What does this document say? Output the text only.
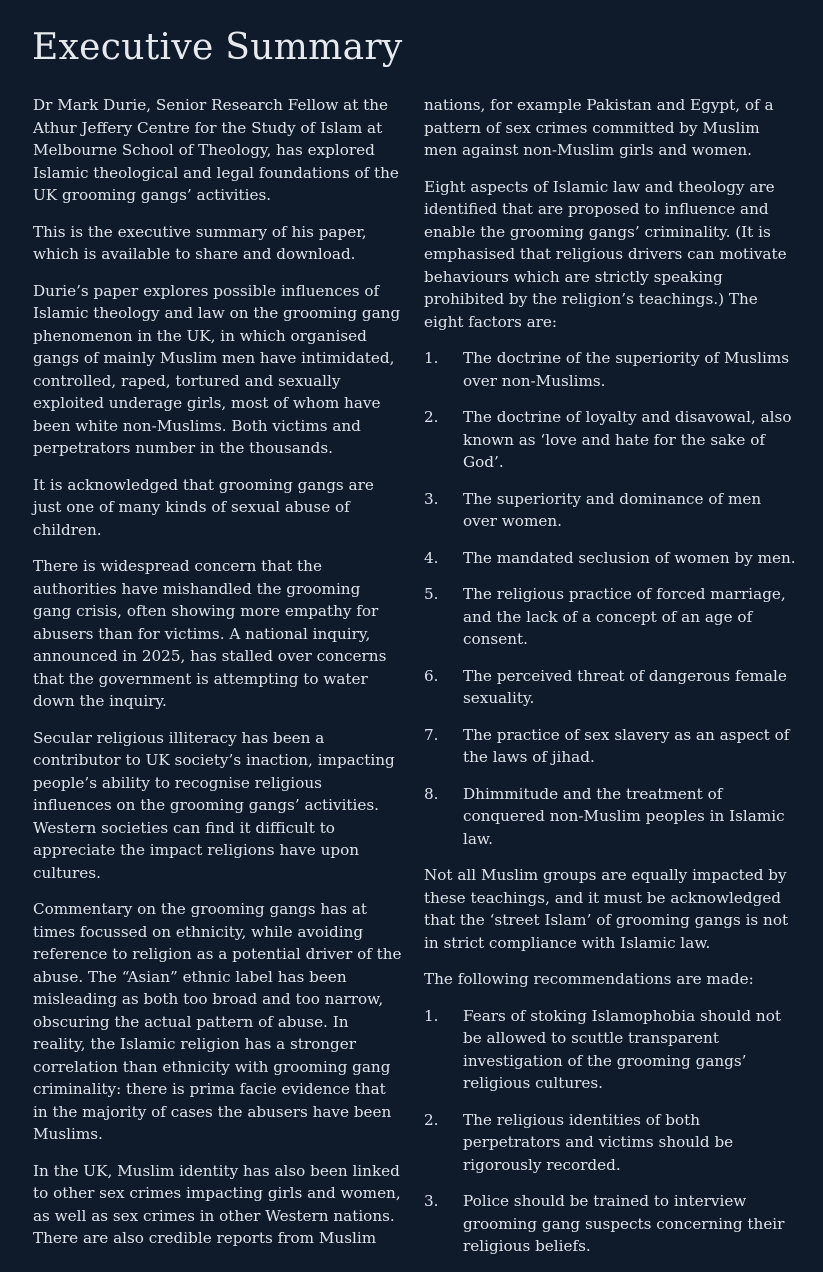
Executive Summary

Dr Mark Durie, Senior Research Fellow at the Athur Jeffery Centre for the Study of Islam at Melbourne School of Theology, has explored Islamic theological and legal foundations of the UK grooming gangs’ activities.

This is the executive summary of his paper, which is available to share and download.

Durie’s paper explores possible influences of Islamic theology and law on the grooming gang phenomenon in the UK, in which organised gangs of mainly Muslim men have intimidated, controlled, raped, tortured and sexually exploited underage girls, most of whom have been white non-Muslims. Both victims and perpetrators number in the thousands.

It is acknowledged that grooming gangs are just one of many kinds of sexual abuse of children.

There is widespread concern that the authorities have mishandled the grooming gang crisis, often showing more empathy for abusers than for victims. A national inquiry, announced in 2025, has stalled over concerns that the government is attempting to water down the inquiry.

Secular religious illiteracy has been a contributor to UK society’s inaction, impacting people’s ability to recognise religious influences on the grooming gangs’ activities. Western societies can find it difficult to appreciate the impact religions have upon cultures.

Commentary on the grooming gangs has at times focussed on ethnicity, while avoiding reference to religion as a potential driver of the abuse. The “Asian” ethnic label has been misleading as both too broad and too narrow, obscuring the actual pattern of abuse. In reality, the Islamic religion has a stronger correlation than ethnicity with grooming gang criminality: there is prima facie evidence that in the majority of cases the abusers have been Muslims.

In the UK, Muslim identity has also been linked to other sex crimes impacting girls and women, as well as sex crimes in other Western nations. There are also credible reports from Muslim

nations, for example Pakistan and Egypt, of a pattern of sex crimes committed by Muslim men against non-Muslim girls and women.

Eight aspects of Islamic law and theology are identified that are proposed to influence and enable the grooming gangs’ criminality. (It is emphasised that religious drivers can motivate behaviours which are strictly speaking prohibited by the religion’s teachings.) The eight factors are:

1.	The doctrine of the superiority of Muslims over non-Muslims.
2.	The doctrine of loyalty and disavowal, also known as ‘love and hate for the sake of God’.
3.	The superiority and dominance of men over women.
4.	The mandated seclusion of women by men.
5.	The religious practice of forced marriage, and the lack of a concept of an age of consent.
6.	The perceived threat of dangerous female sexuality.
7.	The practice of sex slavery as an aspect of the laws of jihad.
8.	Dhimmitude and the treatment of conquered non-Muslim peoples in Islamic law.

Not all Muslim groups are equally impacted by these teachings, and it must be acknowledged that the ‘street Islam’ of grooming gangs is not in strict compliance with Islamic law.

The following recommendations are made:

1.	Fears of stoking Islamophobia should not be allowed to scuttle transparent investigation of the grooming gangs’ religious cultures.
2.	The religious identities of both perpetrators and victims should be rigorously recorded.
3.	Police should be trained to interview grooming gang suspects concerning their religious beliefs.
